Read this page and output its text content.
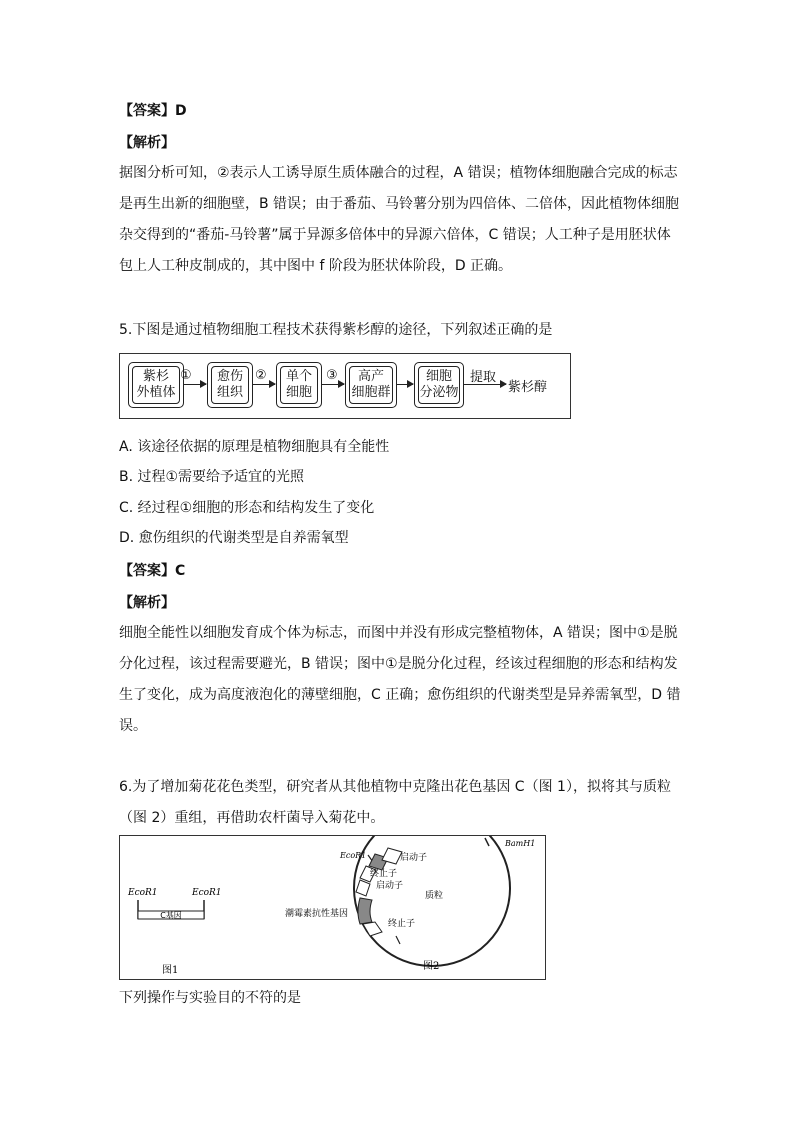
【答案】D
【解析】
据图分析可知，②表示人工诱导原生质体融合的过程，A 错误；植物体细胞融合完成的标志
是再生出新的细胞壁，B 错误；由于番茄、马铃薯分别为四倍体、二倍体，因此植物体细胞
杂交得到的“番茄-马铃薯”属于异源多倍体中的异源六倍体，C 错误；人工种子是用胚状体
包上人工种皮制成的，其中图中 f 阶段为胚状体阶段，D 正确。
5.下图是通过植物细胞工程技术获得紫杉醇的途径，下列叙述正确的是
紫杉
外植体
① 愈伤
组织
② 单个
细胞
③ 高产
细胞群
细胞
分泌物
提取
紫杉醇
A. 该途径依据的原理是植物细胞具有全能性
B. 过程①需要给予适宜的光照
C. 经过程①细胞的形态和结构发生了变化
D. 愈伤组织的代谢类型是自养需氧型
【答案】C
【解析】
细胞全能性以细胞发育成个体为标志，而图中并没有形成完整植物体，A 错误；图中①是脱
分化过程，该过程需要避光，B 错误；图中①是脱分化过程，经该过程细胞的形态和结构发
生了变化，成为高度液泡化的薄壁细胞，C 正确；愈伤组织的代谢类型是异养需氧型，D 错
误。
6.为了增加菊花花色类型，研究者从其他植物中克隆出花色基因 C（图 1），拟将其与质粒
（图 2）重组，再借助农杆菌导入菊花中。
EcoR1	EcoR1
C基因
图1
BamH1
EcoR1	启动子
终止子
启动子
质粒
潮霉素抗性基因
终止子
图2
下列操作与实验目的不符的是
